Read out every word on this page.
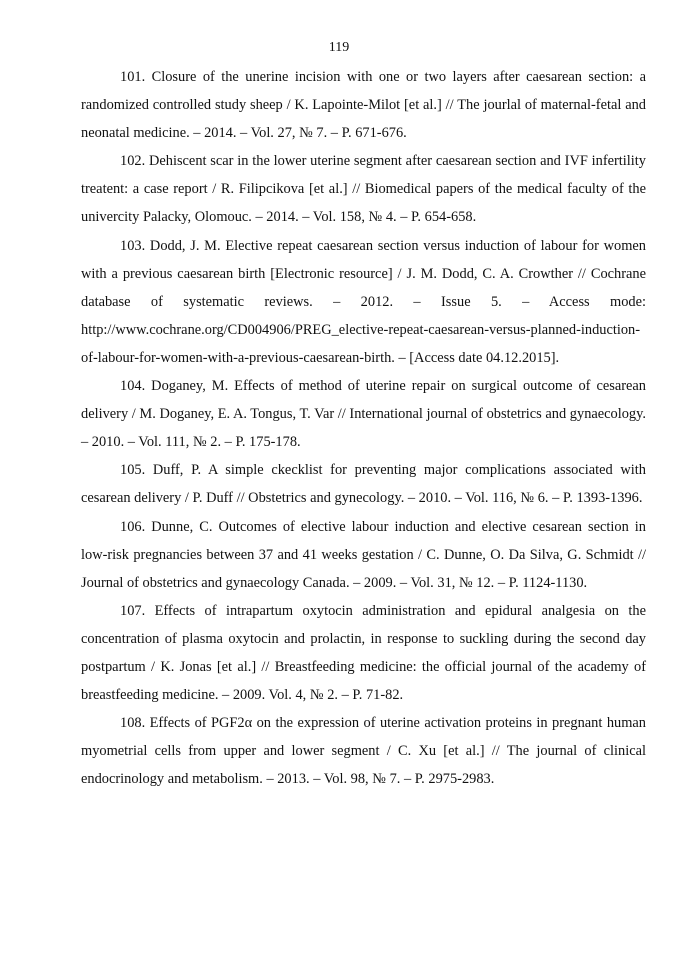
119

101. Closure of the unerine incision with one or two layers after caesarean section: a randomized controlled study sheep / K. Lapointe-Milot [et al.] // The jourlal of maternal-fetal and neonatal medicine. – 2014. – Vol. 27, № 7. – P. 671-676.

102. Dehiscent scar in the lower uterine segment after caesarean section and IVF infertility treatent: a case report / R. Filipcikova [et al.] // Biomedical papers of the medical faculty of the univercity Palacky, Olomouc. – 2014. – Vol. 158, № 4. – P. 654-658.

103. Dodd, J. M. Elective repeat caesarean section versus induction of labour for women with a previous caesarean birth [Electronic resource] / J. M. Dodd, C. A. Crowther // Cochrane database of systematic reviews. – 2012. – Issue 5. – Access mode: http://www.cochrane.org/CD004906/PREG_elective-repeat-caesarean-versus-planned-induction-of-labour-for-women-with-a-previous-caesarean-birth. – [Access date 04.12.2015].

104. Doganey, M. Effects of method of uterine repair on surgical outcome of cesarean delivery / M. Doganey, E. A. Tongus, T. Var // International journal of obstetrics and gynaecology. – 2010. – Vol. 111, № 2. – P. 175-178.

105. Duff, P. A simple ckecklist for preventing major complications associated with cesarean delivery / P. Duff // Obstetrics and gynecology. – 2010. – Vol. 116, № 6. – P. 1393-1396.

106. Dunne, C. Outcomes of elective labour induction and elective cesarean section in low-risk pregnancies between 37 and 41 weeks gestation / C. Dunne, O. Da Silva, G. Schmidt // Journal of obstetrics and gynaecology Canada. – 2009. – Vol. 31, № 12. – P. 1124-1130.

107. Effects of intrapartum oxytocin administration and epidural analgesia on the concentration of plasma oxytocin and prolactin, in response to suckling during the second day postpartum / K. Jonas [et al.] // Breastfeeding medicine: the official journal of the academy of breastfeeding medicine. – 2009. Vol. 4, № 2. – P. 71-82.

108. Effects of PGF2α on the expression of uterine activation proteins in pregnant human myometrial cells from upper and lower segment / C. Xu [et al.] // The journal of clinical endocrinology and metabolism. – 2013. – Vol. 98, № 7. – P. 2975-2983.
